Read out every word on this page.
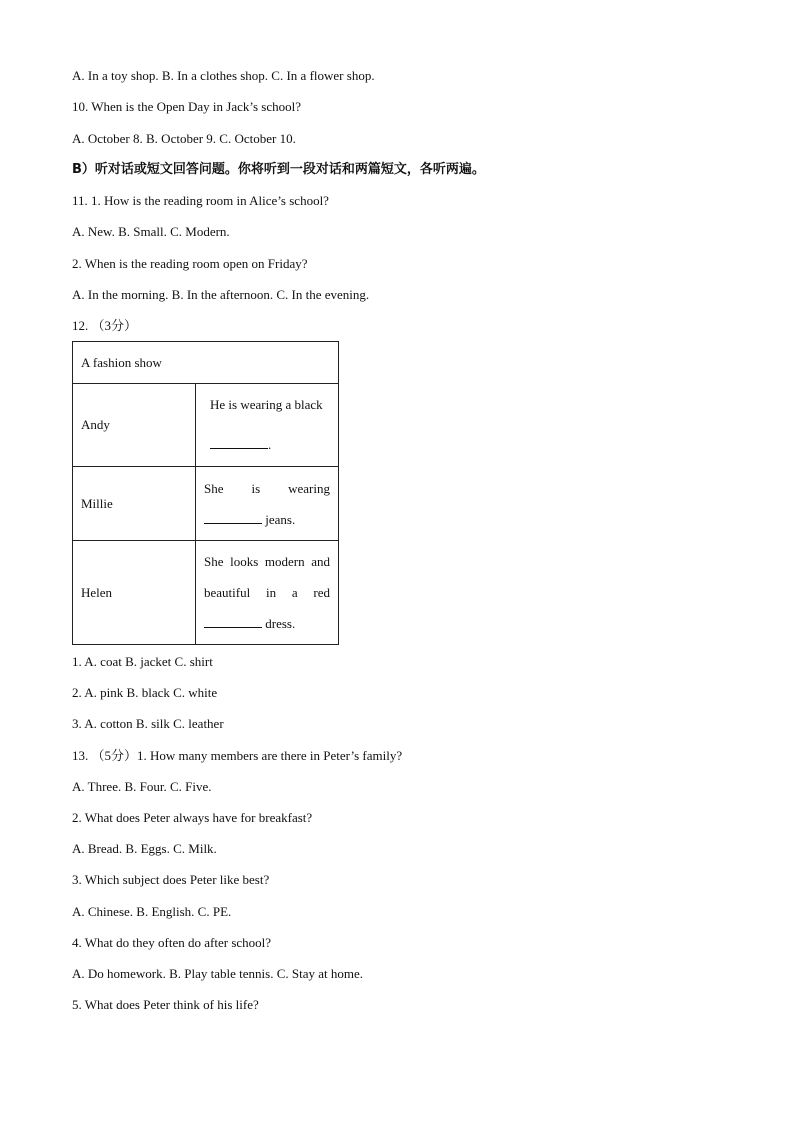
A. In a toy shop. B. In a clothes shop. C. In a flower shop.
10. When is the Open Day in Jack’s school?
A. October 8. B. October 9. C. October 10.
B）听对话或短文回答问题。你将听到一段对话和两篇短文，各听两遍。
11. 1. How is the reading room in Alice’s school?
A. New. B. Small. C. Modern.
2. When is the reading room open on Friday?
A. In the morning. B. In the afternoon. C. In the evening.
12. （3分）
A fashion show	
Andy	He is wearing a black
.

Millie	She is wearing
jeans.

Helen	She looks modern and beautiful in a red
dress.
1. A. coat B. jacket C. shirt
2. A. pink B. black C. white
3. A. cotton B. silk C. leather
13. （5分）1. How many members are there in Peter’s family?
A. Three. B. Four. C. Five.
2. What does Peter always have for breakfast?
A. Bread. B. Eggs. C. Milk.
3. Which subject does Peter like best?
A. Chinese. B. English. C. PE.
4. What do they often do after school?
A. Do homework. B. Play table tennis. C. Stay at home.
5. What does Peter think of his life?
